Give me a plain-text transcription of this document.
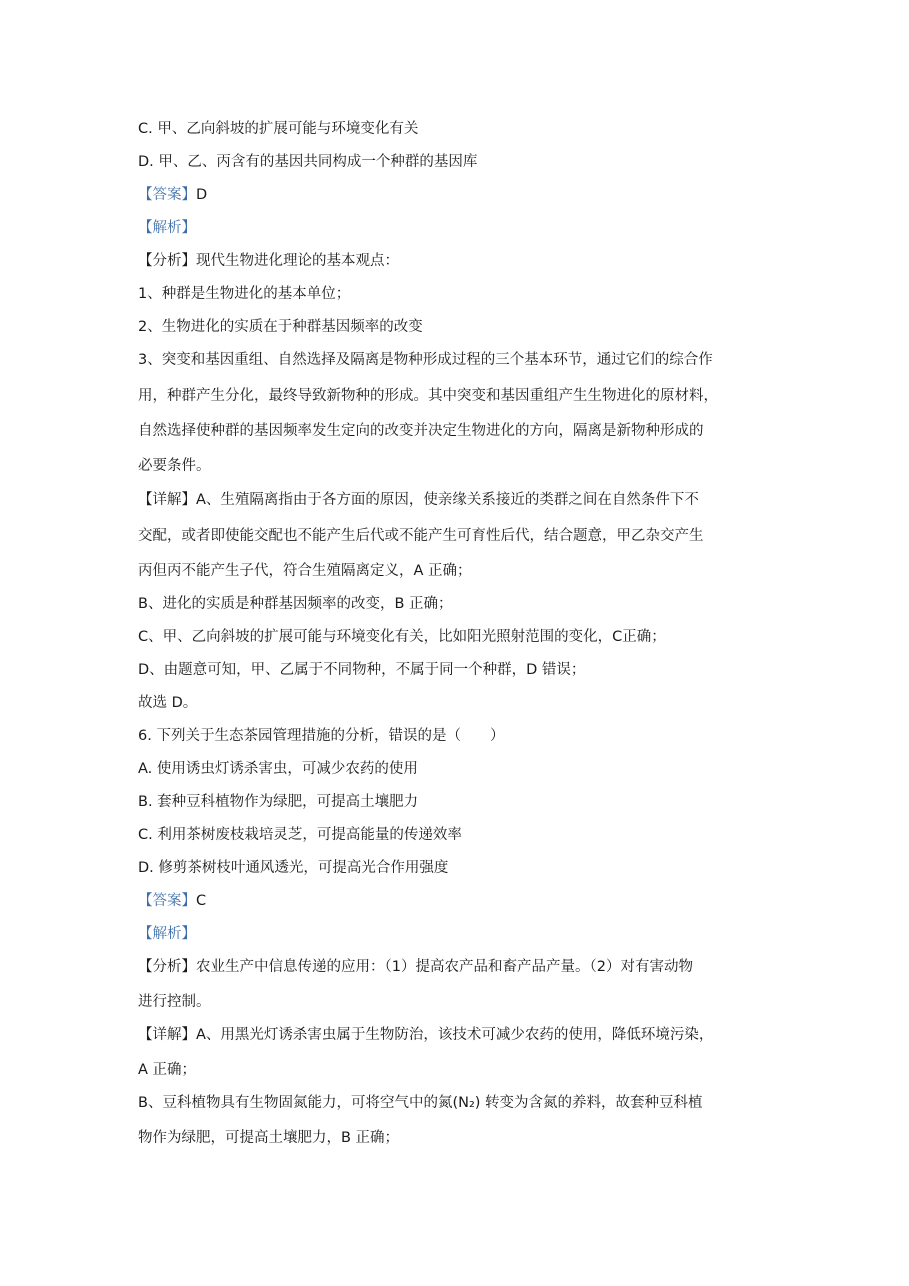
C. 甲、乙向斜坡的扩展可能与环境变化有关
D. 甲、乙、丙含有的基因共同构成一个种群的基因库
【答案】D
【解析】
【分析】现代生物进化理论的基本观点：
1、种群是生物进化的基本单位；
2、生物进化的实质在于种群基因频率的改变
3、突变和基因重组、自然选择及隔离是物种形成过程的三个基本环节，通过它们的综合作
用，种群产生分化，最终导致新物种的形成。其中突变和基因重组产生生物进化的原材料，
自然选择使种群的基因频率发生定向的改变并决定生物进化的方向，隔离是新物种形成的
必要条件。
【详解】A、生殖隔离指由于各方面的原因，使亲缘关系接近的类群之间在自然条件下不
交配，或者即使能交配也不能产生后代或不能产生可育性后代，结合题意，甲乙杂交产生
丙但丙不能产生子代，符合生殖隔离定义，A 正确；
B、进化的实质是种群基因频率的改变，B 正确；
C、甲、乙向斜坡的扩展可能与环境变化有关，比如阳光照射范围的变化，C正确；
D、由题意可知，甲、乙属于不同物种，不属于同一个种群，D 错误；
故选 D。
6. 下列关于生态茶园管理措施的分析，错误的是（　　）
A. 使用诱虫灯诱杀害虫，可减少农药的使用
B. 套种豆科植物作为绿肥，可提高土壤肥力
C. 利用茶树废枝栽培灵芝，可提高能量的传递效率
D. 修剪茶树枝叶通风透光，可提高光合作用强度
【答案】C
【解析】
【分析】农业生产中信息传递的应用：（1）提高农产品和畜产品产量。（2）对有害动物
进行控制。
【详解】A、用黑光灯诱杀害虫属于生物防治，该技术可减少农药的使用，降低环境污染，
A 正确；
B、豆科植物具有生物固氮能力，可将空气中的氮(N₂) 转变为含氮的养料，故套种豆科植
物作为绿肥，可提高土壤肥力，B 正确；
